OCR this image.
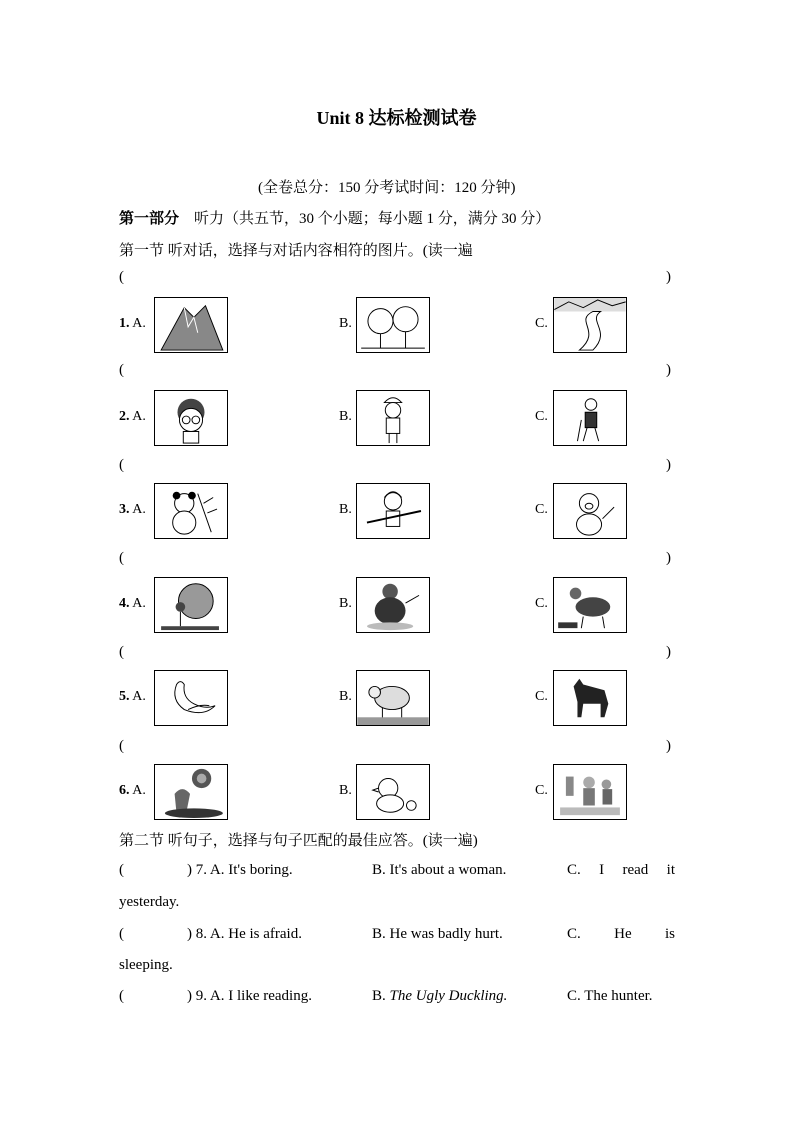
Unit 8 达标检测试卷
(全卷总分：150 分考试时间：120 分钟)
第一部分 听力（共五节，30 个小题；每小题 1 分，满分 30 分）
第一节 听对话，选择与对话内容相符的图片。(读一遍
(	)
1. A.	B.	C.
(	)
2. A.	B.	C.
(	)
3. A.	B.	C.
(	)
4. A.	B.	C.
(	)
5. A.	B.	C.
(	)
6. A.	B.	C.
第二节 听句子，选择与句子匹配的最佳应答。(读一遍)
(	) 7. A. It's boring.	B. It's about a woman.	C. I read it
yesterday.
(	) 8. A. He is afraid.	B. He was badly hurt.	C. He is
sleeping.
(	) 9. A. I like reading.	B. The Ugly Duckling.	C. The hunter.
